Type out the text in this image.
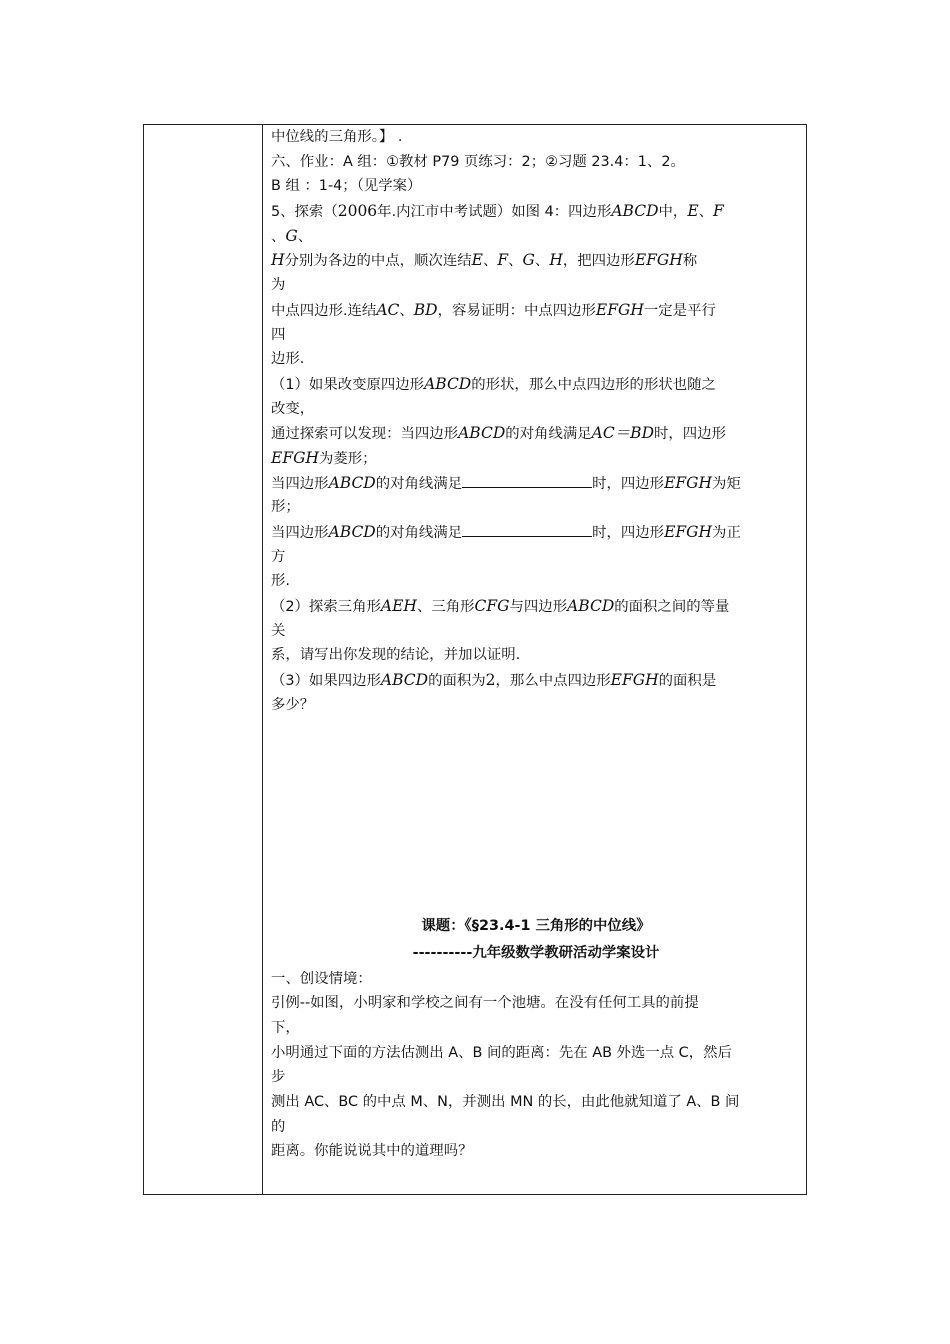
中位线的三角形。】 .
六、作业：A 组：①教材 P79 页练习：2；②习题 23.4：1、2。
B 组 ：1-4；（见学案）
5、探索（2006年.内江市中考试题）如图 4：四边形ABCD中，E、F
、G、
H分别为各边的中点，顺次连结E、F、G、H，把四边形EFGH称
为
中点四边形.连结AC、BD，容易证明：中点四边形EFGH一定是平行
四
边形.
（1）如果改变原四边形ABCD的形状，那么中点四边形的形状也随之
改变，
通过探索可以发现：当四边形ABCD的对角线满足AC＝BD时，四边形
EFGH为菱形；
当四边形ABCD的对角线满足	时，四边形EFGH为矩
形；
当四边形ABCD的对角线满足	时，四边形EFGH为正
方
形.
（2）探索三角形AEH、三角形CFG与四边形ABCD的面积之间的等量
关
系，请写出你发现的结论，并加以证明.
（3）如果四边形ABCD的面积为2，那么中点四边形EFGH的面积是
多少？
课题：《§23.4-1 三角形的中位线》
----------九年级数学教研活动学案设计
一、创设情境：
引例--如图，小明家和学校之间有一个池塘。在没有任何工具的前提
下，
小明通过下面的方法估测出 A、B 间的距离：先在 AB 外选一点 C，然后
步
测出 AC、BC 的中点 M、N，并测出 MN 的长，由此他就知道了 A、B 间
的
距离。你能说说其中的道理吗？
